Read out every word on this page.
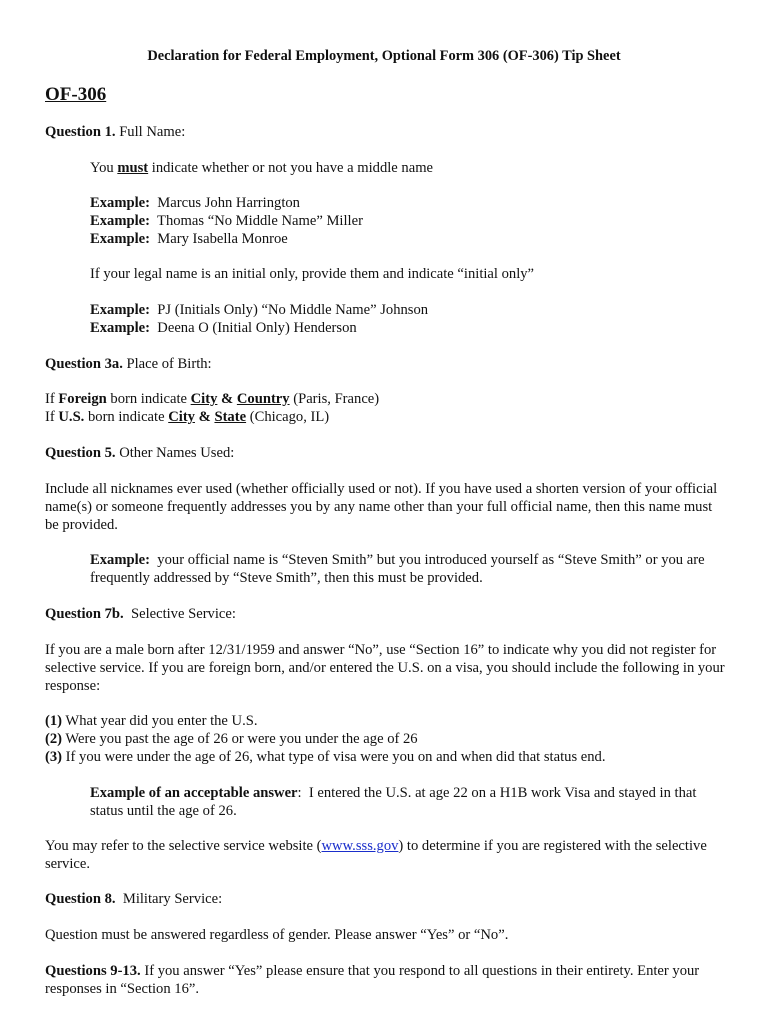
Declaration for Federal Employment, Optional Form 306 (OF-306) Tip Sheet
OF-306
Question 1. Full Name:
You must indicate whether or not you have a middle name
Example: Marcus John Harrington
Example: Thomas “No Middle Name” Miller
Example: Mary Isabella Monroe
If your legal name is an initial only, provide them and indicate “initial only”
Example: PJ (Initials Only) “No Middle Name” Johnson
Example: Deena O (Initial Only) Henderson
Question 3a. Place of Birth:
If Foreign born indicate City & Country (Paris, France)
If U.S. born indicate City & State (Chicago, IL)
Question 5. Other Names Used:
Include all nicknames ever used (whether officially used or not). If you have used a shorten version of your official name(s) or someone frequently addresses you by any name other than your full official name, then this name must be provided.
Example:  your official name is “Steven Smith” but you introduced yourself as “Steve Smith” or you are frequently addressed by “Steve Smith”, then this must be provided.
Question 7b.  Selective Service:
If you are a male born after 12/31/1959 and answer “No”, use “Section 16” to indicate why you did not register for selective service. If you are foreign born, and/or entered the U.S. on a visa, you should include the following in your response:
(1) What year did you enter the U.S.
(2) Were you past the age of 26 or were you under the age of 26
(3) If you were under the age of 26, what type of visa were you on and when did that status end.
Example of an acceptable answer:  I entered the U.S. at age 22 on a H1B work Visa and stayed in that status until the age of 26.
You may refer to the selective service website (www.sss.gov) to determine if you are registered with the selective service.
Question 8.  Military Service:
Question must be answered regardless of gender. Please answer “Yes” or “No”.
Questions 9-13. If you answer “Yes” please ensure that you respond to all questions in their entirety. Enter your responses in “Section 16”.
